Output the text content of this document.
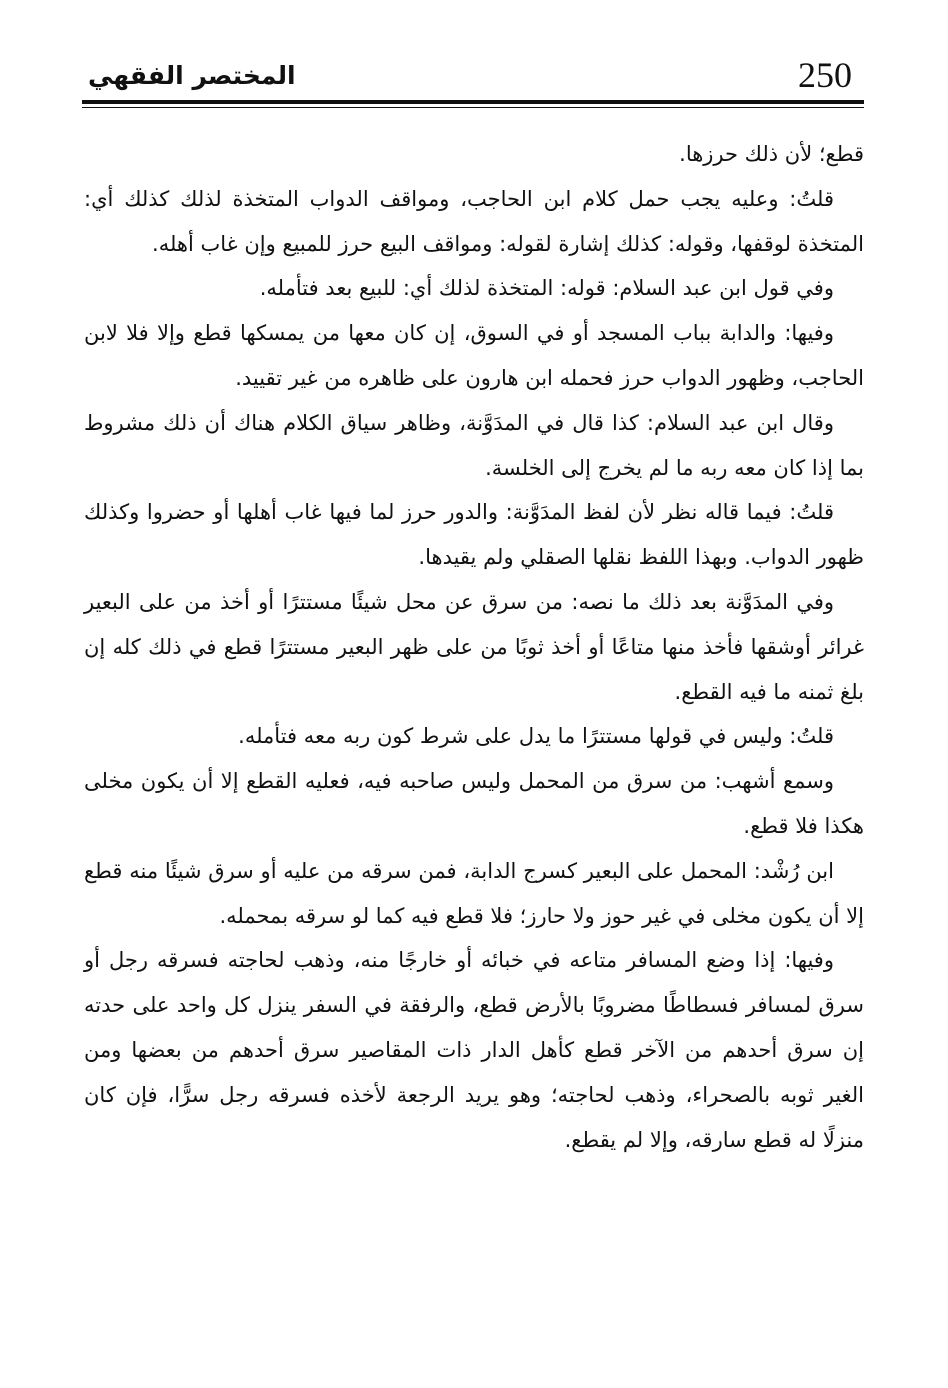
250
المختصر الفقهي

قطع؛ لأن ذلك حرزها.

قلتُ: وعليه يجب حمل كلام ابن الحاجب، ومواقف الدواب المتخذة لذلك كذلك أي: المتخذة لوقفها، وقوله: كذلك إشارة لقوله: ومواقف البيع حرز للمبيع وإن غاب أهله.

وفي قول ابن عبد السلام: قوله: المتخذة لذلك أي: للبيع بعد فتأمله.

وفيها: والدابة بباب المسجد أو في السوق، إن كان معها من يمسكها قطع وإلا فلا لابن الحاجب، وظهور الدواب حرز فحمله ابن هارون على ظاهره من غير تقييد.

وقال ابن عبد السلام: كذا قال في المدَوَّنة، وظاهر سياق الكلام هناك أن ذلك مشروط بما إذا كان معه ربه ما لم يخرج إلى الخلسة.

قلتُ: فيما قاله نظر لأن لفظ المدَوَّنة: والدور حرز لما فيها غاب أهلها أو حضروا وكذلك ظهور الدواب. وبهذا اللفظ نقلها الصقلي ولم يقيدها.

وفي المدَوَّنة بعد ذلك ما نصه: من سرق عن محل شيئًا مستترًا أو أخذ من على البعير غرائر أوشقها فأخذ منها متاعًا أو أخذ ثوبًا من على ظهر البعير مستترًا قطع في ذلك كله إن بلغ ثمنه ما فيه القطع.

قلتُ: وليس في قولها مستترًا ما يدل على شرط كون ربه معه فتأمله.

وسمع أشهب: من سرق من المحمل وليس صاحبه فيه، فعليه القطع إلا أن يكون مخلى هكذا فلا قطع.

ابن رُشْد: المحمل على البعير كسرج الدابة، فمن سرقه من عليه أو سرق شيئًا منه قطع إلا أن يكون مخلى في غير حوز ولا حارز؛ فلا قطع فيه كما لو سرقه بمحمله.

وفيها: إذا وضع المسافر متاعه في خبائه أو خارجًا منه، وذهب لحاجته فسرقه رجل أو سرق لمسافر فسطاطًا مضروبًا بالأرض قطع، والرفقة في السفر ينزل كل واحد على حدته إن سرق أحدهم من الآخر قطع كأهل الدار ذات المقاصير سرق أحدهم من بعضها ومن الغير ثوبه بالصحراء، وذهب لحاجته؛ وهو يريد الرجعة لأخذه فسرقه رجل سرًّا، فإن كان منزلًا له قطع سارقه، وإلا لم يقطع.
